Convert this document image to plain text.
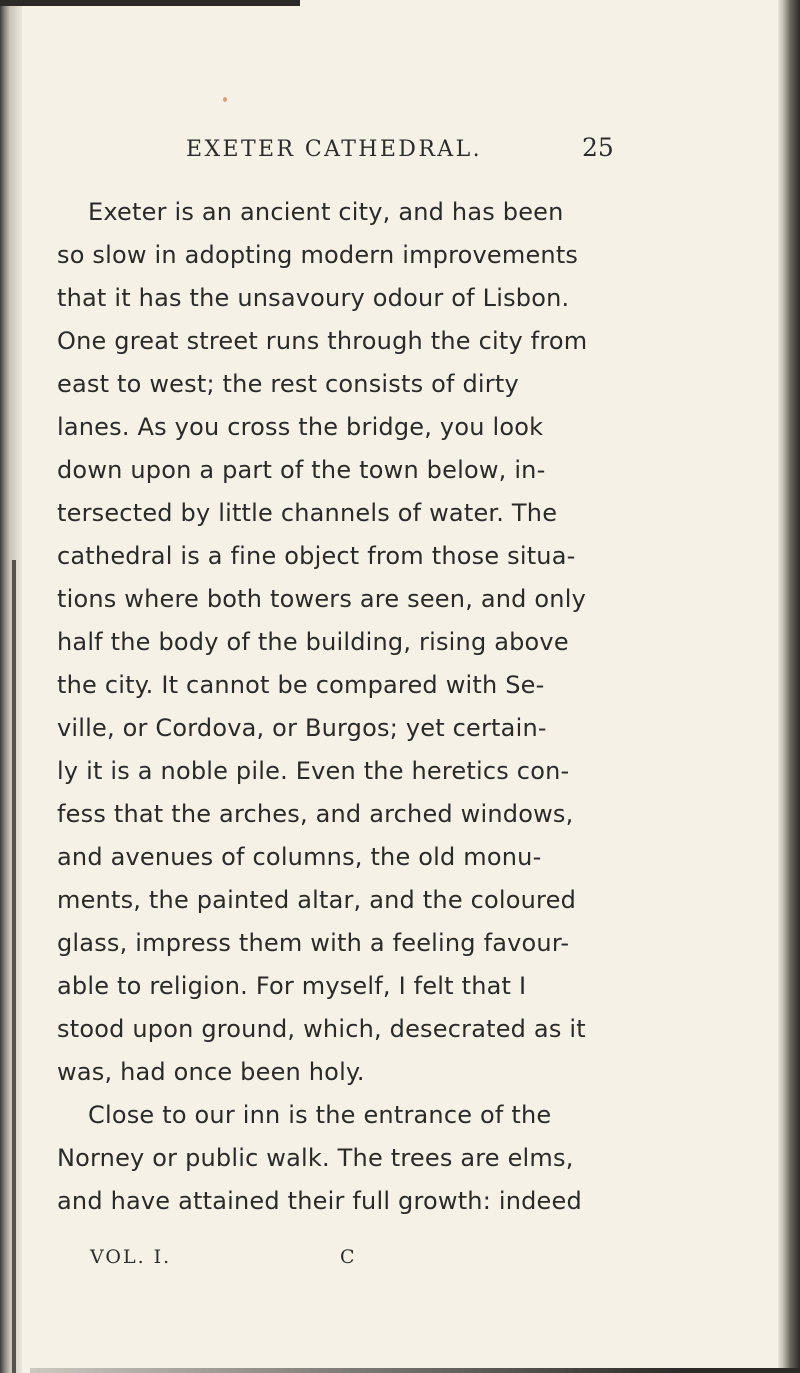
EXETER CATHEDRAL.	25
Exeter is an ancient city, and has been
so slow in adopting modern improvements
that it has the unsavoury odour of Lisbon.
One great street runs through the city from
east to west; the rest consists of dirty
lanes. As you cross the bridge, you look
down upon a part of the town below, in-
tersected by little channels of water. The
cathedral is a fine object from those situa-
tions where both towers are seen, and only
half the body of the building, rising above
the city. It cannot be compared with Se-
ville, or Cordova, or Burgos; yet certain-
ly it is a noble pile. Even the heretics con-
fess that the arches, and arched windows,
and avenues of columns, the old monu-
ments, the painted altar, and the coloured
glass, impress them with a feeling favour-
able to religion. For myself, I felt that I
stood upon ground, which, desecrated as it
was, had once been holy.
Close to our inn is the entrance of the
Norney or public walk. The trees are elms,
and have attained their full growth: indeed
VOL. I.	C
